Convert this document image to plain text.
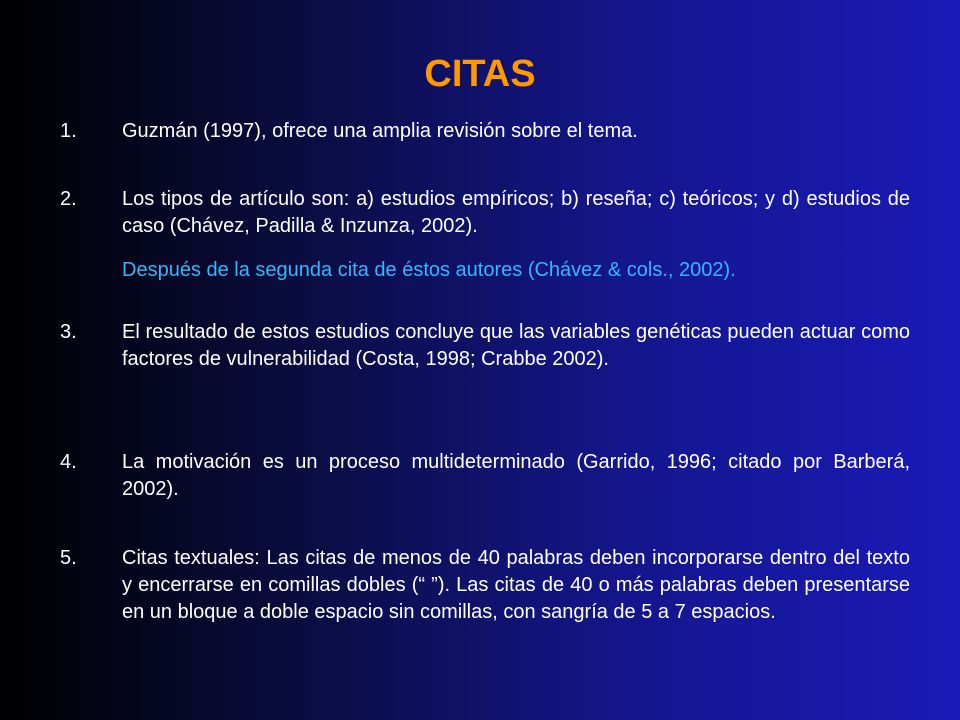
CITAS
1.	Guzmán (1997), ofrece una amplia revisión sobre el tema.
2.	Los tipos de artículo son: a) estudios empíricos; b) reseña; c) teóricos; y d) estudios de caso (Chávez, Padilla & Inzunza, 2002).
Después de la segunda cita de éstos autores (Chávez & cols., 2002).
3.	El resultado de estos estudios concluye que las variables genéticas pueden actuar como factores de vulnerabilidad (Costa, 1998; Crabbe 2002).
4.	La motivación es un proceso multideterminado (Garrido, 1996; citado por Barberá, 2002).
5.	Citas textuales: Las citas de menos de 40 palabras deben incorporarse dentro del texto y encerrarse en comillas dobles (“ ”). Las citas de 40 o más palabras deben presentarse en un bloque a doble espacio sin comillas, con sangría de 5 a 7 espacios.
